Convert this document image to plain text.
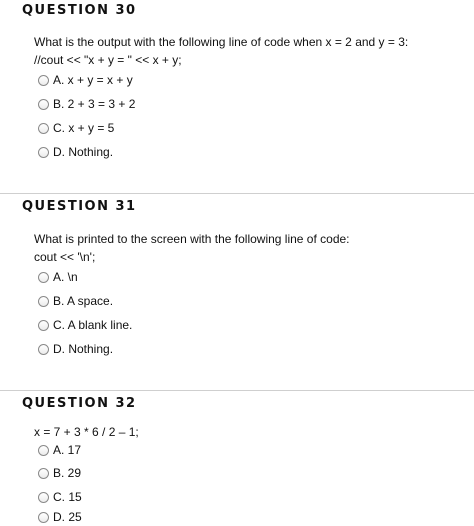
QUESTION 30
What is the output with the following line of code when x = 2 and y = 3:
//cout << "x + y = " << x + y;
A. x + y = x + y
B. 2 + 3 = 3 + 2
C. x + y = 5
D. Nothing.
QUESTION 31
What is printed to the screen with the following line of code:
cout << '\n';
A. \n
B. A space.
C. A blank line.
D. Nothing.
QUESTION 32
x = 7 + 3 * 6 / 2 – 1;
A. 17
B. 29
C. 15
D. 25
